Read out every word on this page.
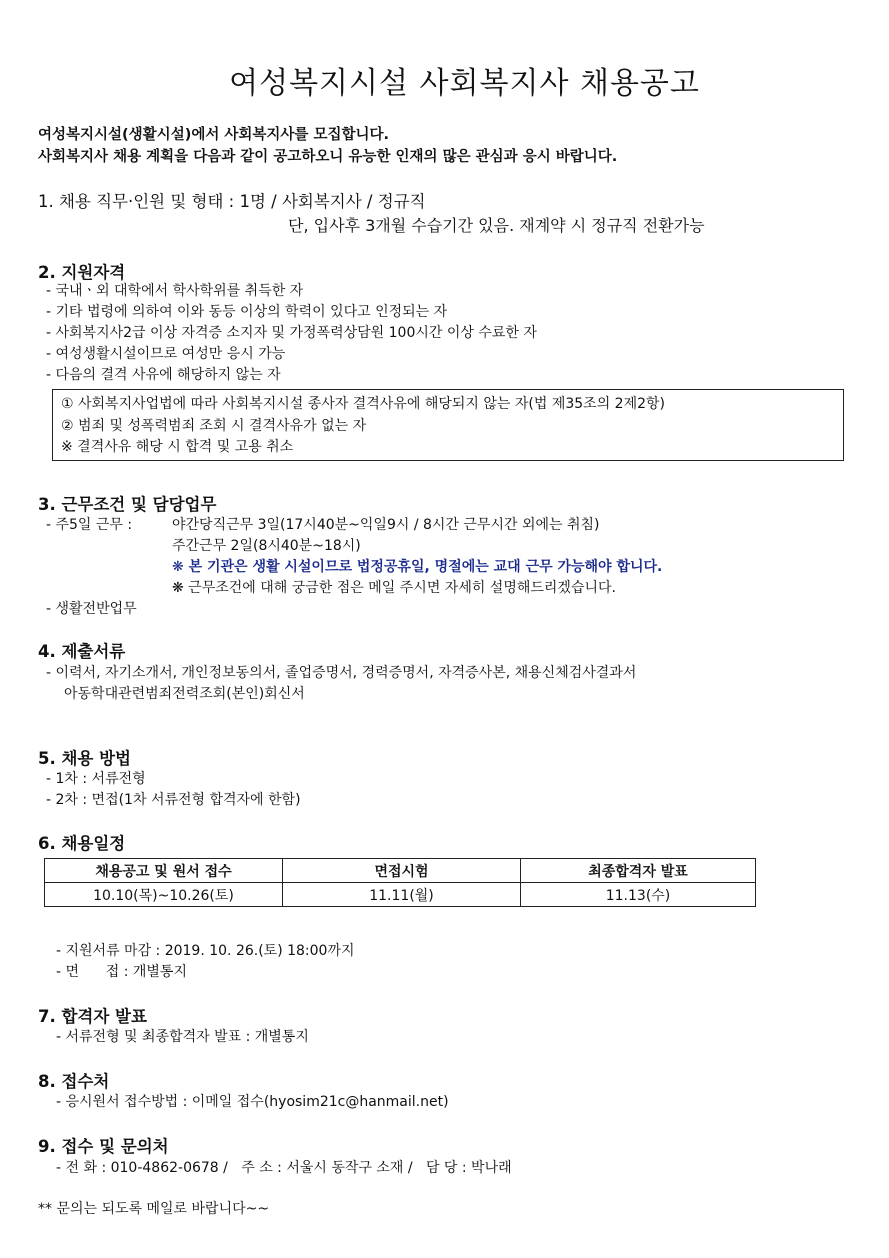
여성복지시설 사회복지사 채용공고
여성복지시설(생활시설)에서 사회복지사를 모집합니다.
사회복지사 채용 계획을 다음과 같이 공고하오니 유능한 인재의 많은 관심과 응시 바랍니다.
1. 채용 직무·인원 및 형태 : 1명 / 사회복지사 / 정규직
단, 입사후 3개월 수습기간 있음. 재계약 시 정규직 전환가능
2. 지원자격
- 국내ㆍ외 대학에서 학사학위를 취득한 자
- 기타 법령에 의하여 이와 동등 이상의 학력이 있다고 인정되는 자
- 사회복지사2급 이상 자격증 소지자 및 가정폭력상담원 100시간 이상 수료한 자
- 여성생활시설이므로 여성만 응시 가능
- 다음의 결격 사유에 해당하지 않는 자
① 사회복지사업법에 따라 사회복지시설 종사자 결격사유에 해당되지 않는 자(법 제35조의 2제2항)
② 범죄 및 성폭력범죄 조회 시 결격사유가 없는 자
※ 결격사유 해당 시 합격 및 고용 취소
3. 근무조건 및 담당업무
- 주5일 근무 :	야간당직근무 3일(17시40분~익일9시 / 8시간 근무시간 외에는 취침)
주간근무 2일(8시40분~18시)
❋ 본 기관은 생활 시설이므로 법정공휴일, 명절에는 교대 근무 가능해야 합니다.
❋ 근무조건에 대해 궁금한 점은 메일 주시면 자세히 설명해드리겠습니다.
- 생활전반업무
4. 제출서류
- 이력서, 자기소개서, 개인정보동의서, 졸업증명서, 경력증명서, 자격증사본, 채용신체검사결과서
아동학대관련범죄전력조회(본인)회신서
5. 채용 방법
- 1차 : 서류전형
- 2차 : 면접(1차 서류전형 합격자에 한함)
6. 채용일정
채용공고 및 원서 접수	면접시험	최종합격자 발표
10.10(목)~10.26(토)	11.11(월)	11.13(수)
- 지원서류 마감 : 2019. 10. 26.(토) 18:00까지
- 면      접 : 개별통지
7. 합격자 발표
- 서류전형 및 최종합격자 발표 : 개별통지
8. 접수처
- 응시원서 접수방법 : 이메일 접수(hyosim21c@hanmail.net)
9. 접수 및 문의처
- 전 화 : 010-4862-0678 /   주 소 : 서울시 동작구 소재 /   담 당 : 박나래
** 문의는 되도록 메일로 바랍니다~~
